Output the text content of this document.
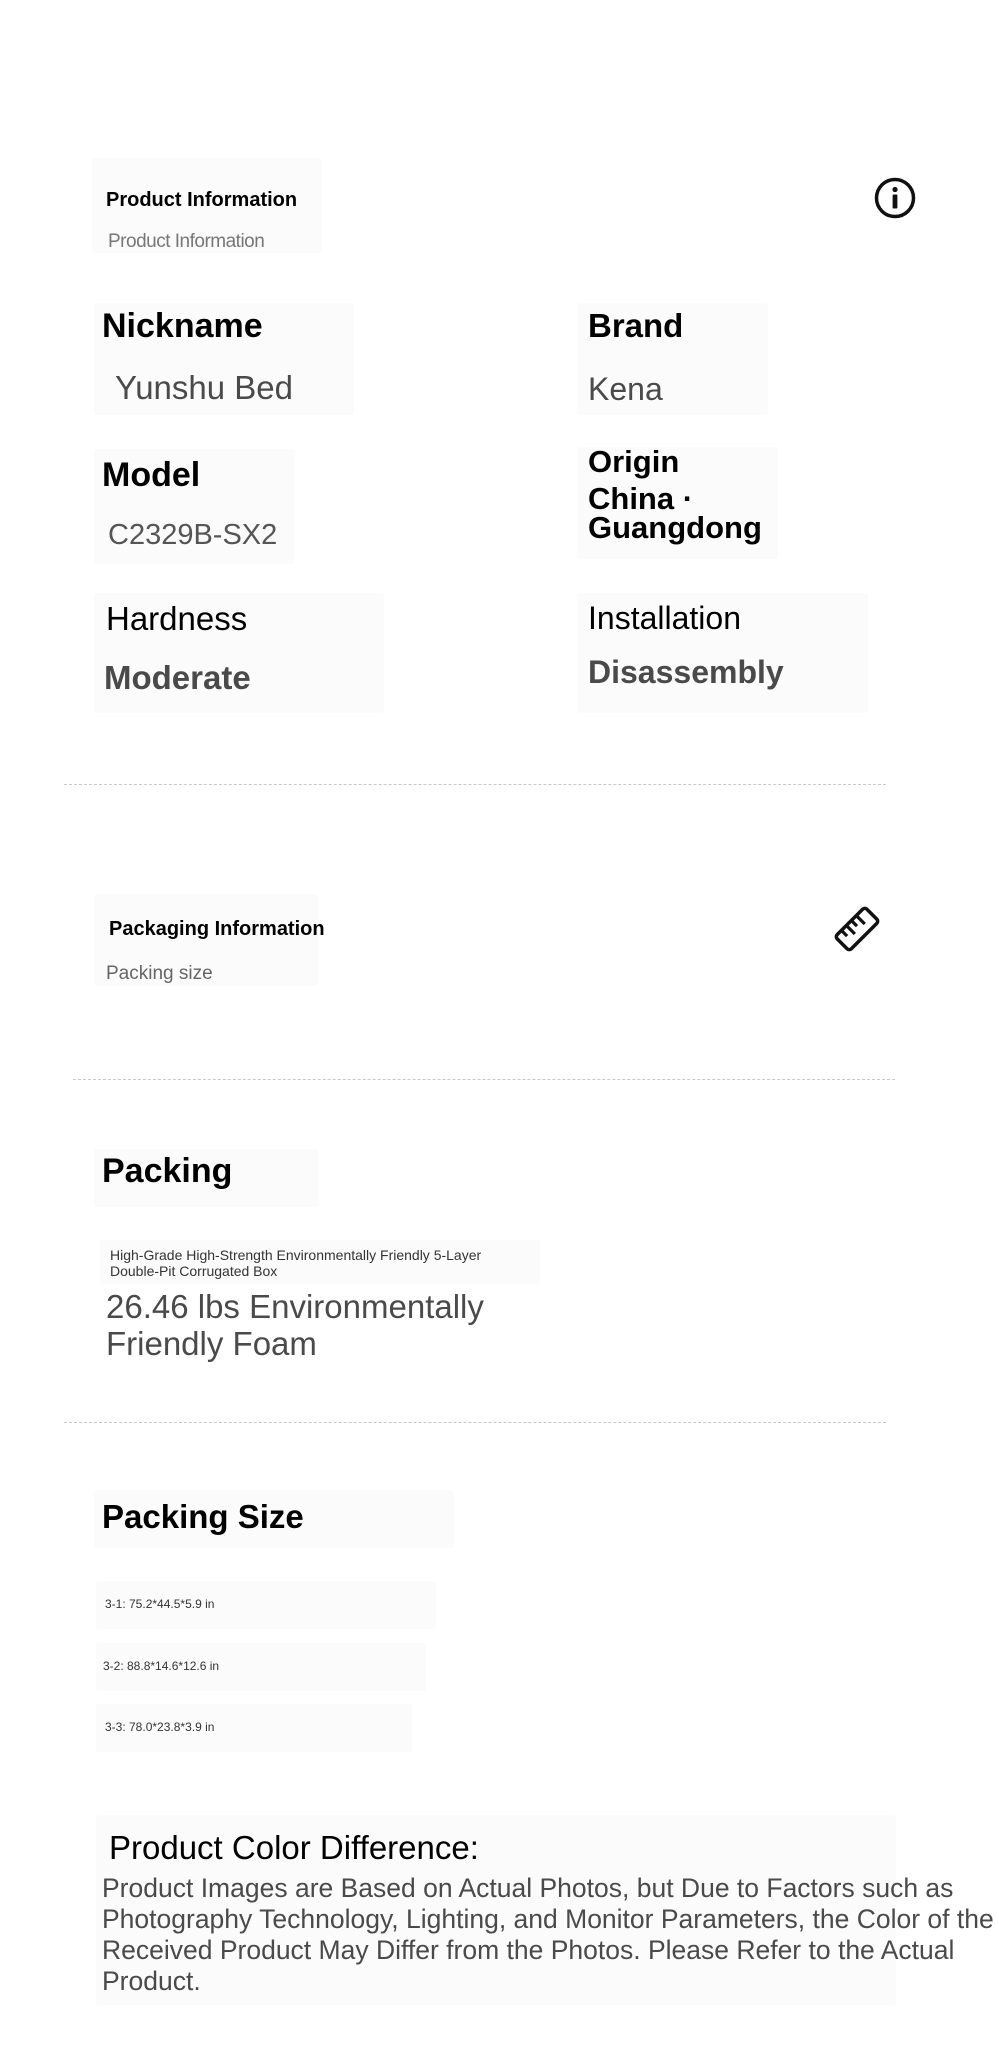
Product Information
Product Information
Nickname
Yunshu Bed
Brand
Kena
Model
C2329B-SX2
Origin
China ·
Guangdong
Hardness
Moderate
Installation
Disassembly
Packaging Information
Packing size
Packing
High-Grade High-Strength Environmentally Friendly 5-Layer Double-Pit Corrugated Box
26.46 lbs Environmentally Friendly Foam
Packing Size
3-1: 75.2*44.5*5.9 in
3-2: 88.8*14.6*12.6 in
3-3: 78.0*23.8*3.9 in
Product Color Difference:
Product Images are Based on Actual Photos, but Due to Factors such as Photography Technology, Lighting, and Monitor Parameters, the Color of the Received Product May Differ from the Photos. Please Refer to the Actual Product.
